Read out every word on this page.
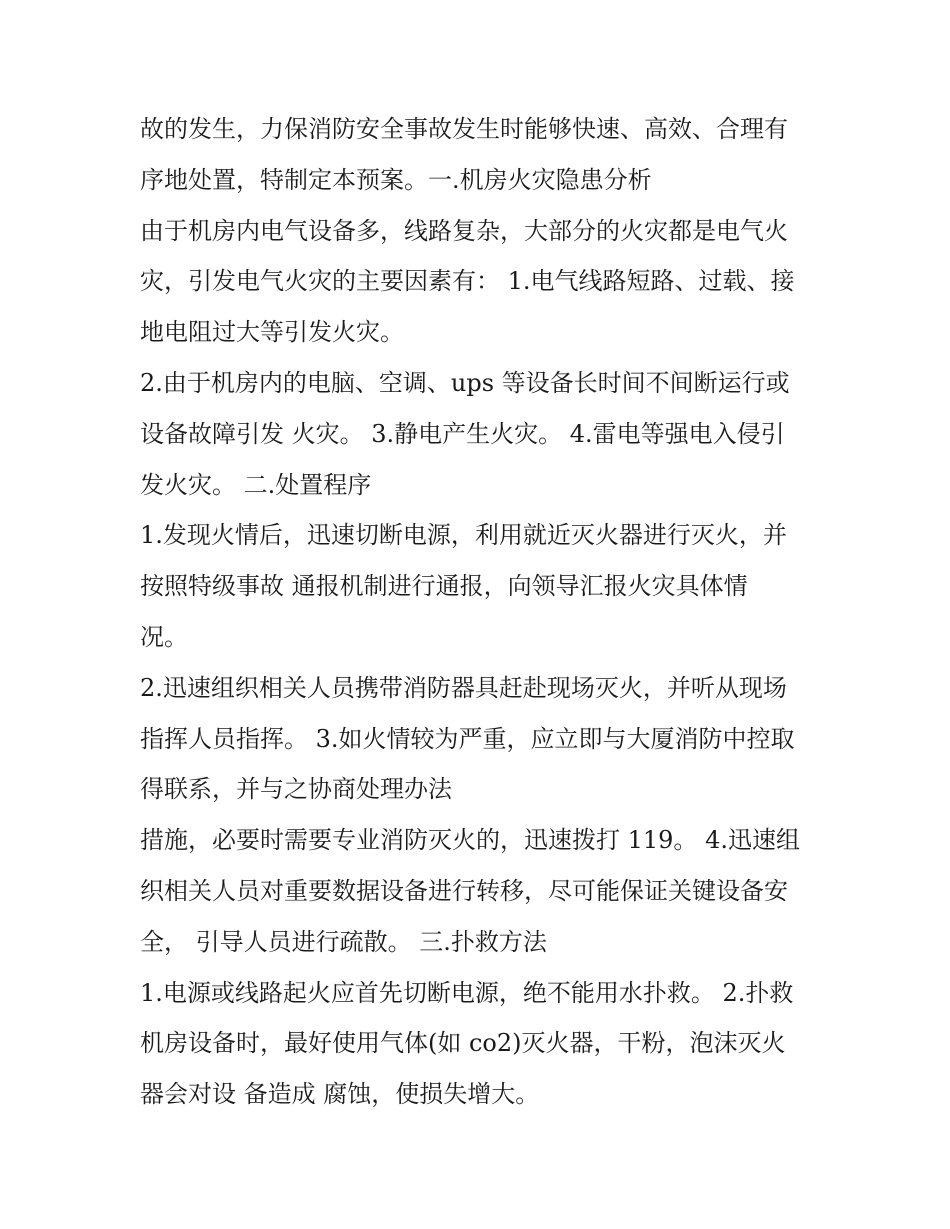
故的发生，力保消防安全事故发生时能够快速、高效、合理有

序地处置，特制定本预案。一.机房火灾隐患分析

由于机房内电气设备多，线路复杂，大部分的火灾都是电气火

灾，引发电气火灾的主要因素有： 1.电气线路短路、过载、接

地电阻过大等引发火灾。

2.由于机房内的电脑、空调、ups 等设备长时间不间断运行或

设备故障引发 火灾。 3.静电产生火灾。 4.雷电等强电入侵引

发火灾。 二.处置程序

1.发现火情后，迅速切断电源，利用就近灭火器进行灭火，并

按照特级事故 通报机制进行通报，向领导汇报火灾具体情

况。

2.迅速组织相关人员携带消防器具赶赴现场灭火，并听从现场

指挥人员指挥。 3.如火情较为严重，应立即与大厦消防中控取

得联系，并与之协商处理办法

措施，必要时需要专业消防灭火的，迅速拨打 119。 4.迅速组

织相关人员对重要数据设备进行转移，尽可能保证关键设备安

全， 引导人员进行疏散。 三.扑救方法

1.电源或线路起火应首先切断电源，绝不能用水扑救。 2.扑救

机房设备时，最好使用气体(如 co2)灭火器，干粉，泡沫灭火

器会对设 备造成 腐蚀，使损失增大。
